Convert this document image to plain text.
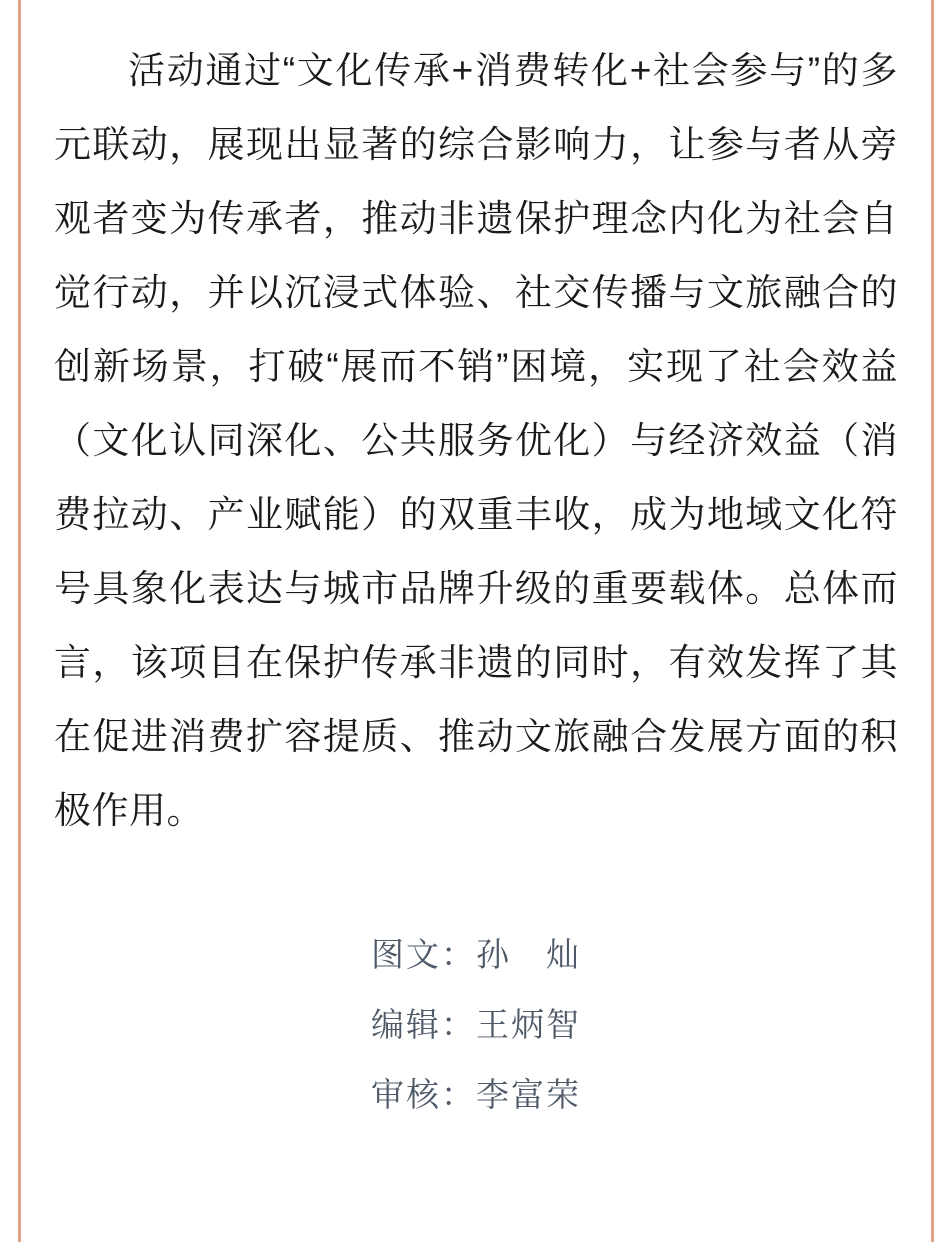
活动通过“文化传承+消费转化+社会参与”的多元联动，展现出显著的综合影响力，让参与者从旁观者变为传承者，推动非遗保护理念内化为社会自觉行动，并以沉浸式体验、社交传播与文旅融合的创新场景，打破“展而不销”困境，实现了社会效益（文化认同深化、公共服务优化）与经济效益（消费拉动、产业赋能）的双重丰收，成为地域文化符号具象化表达与城市品牌升级的重要载体。总体而言，该项目在保护传承非遗的同时，有效发挥了其在促进消费扩容提质、推动文旅融合发展方面的积极作用。

图文：孙　灿
编辑：王炳智
审核：李富荣
